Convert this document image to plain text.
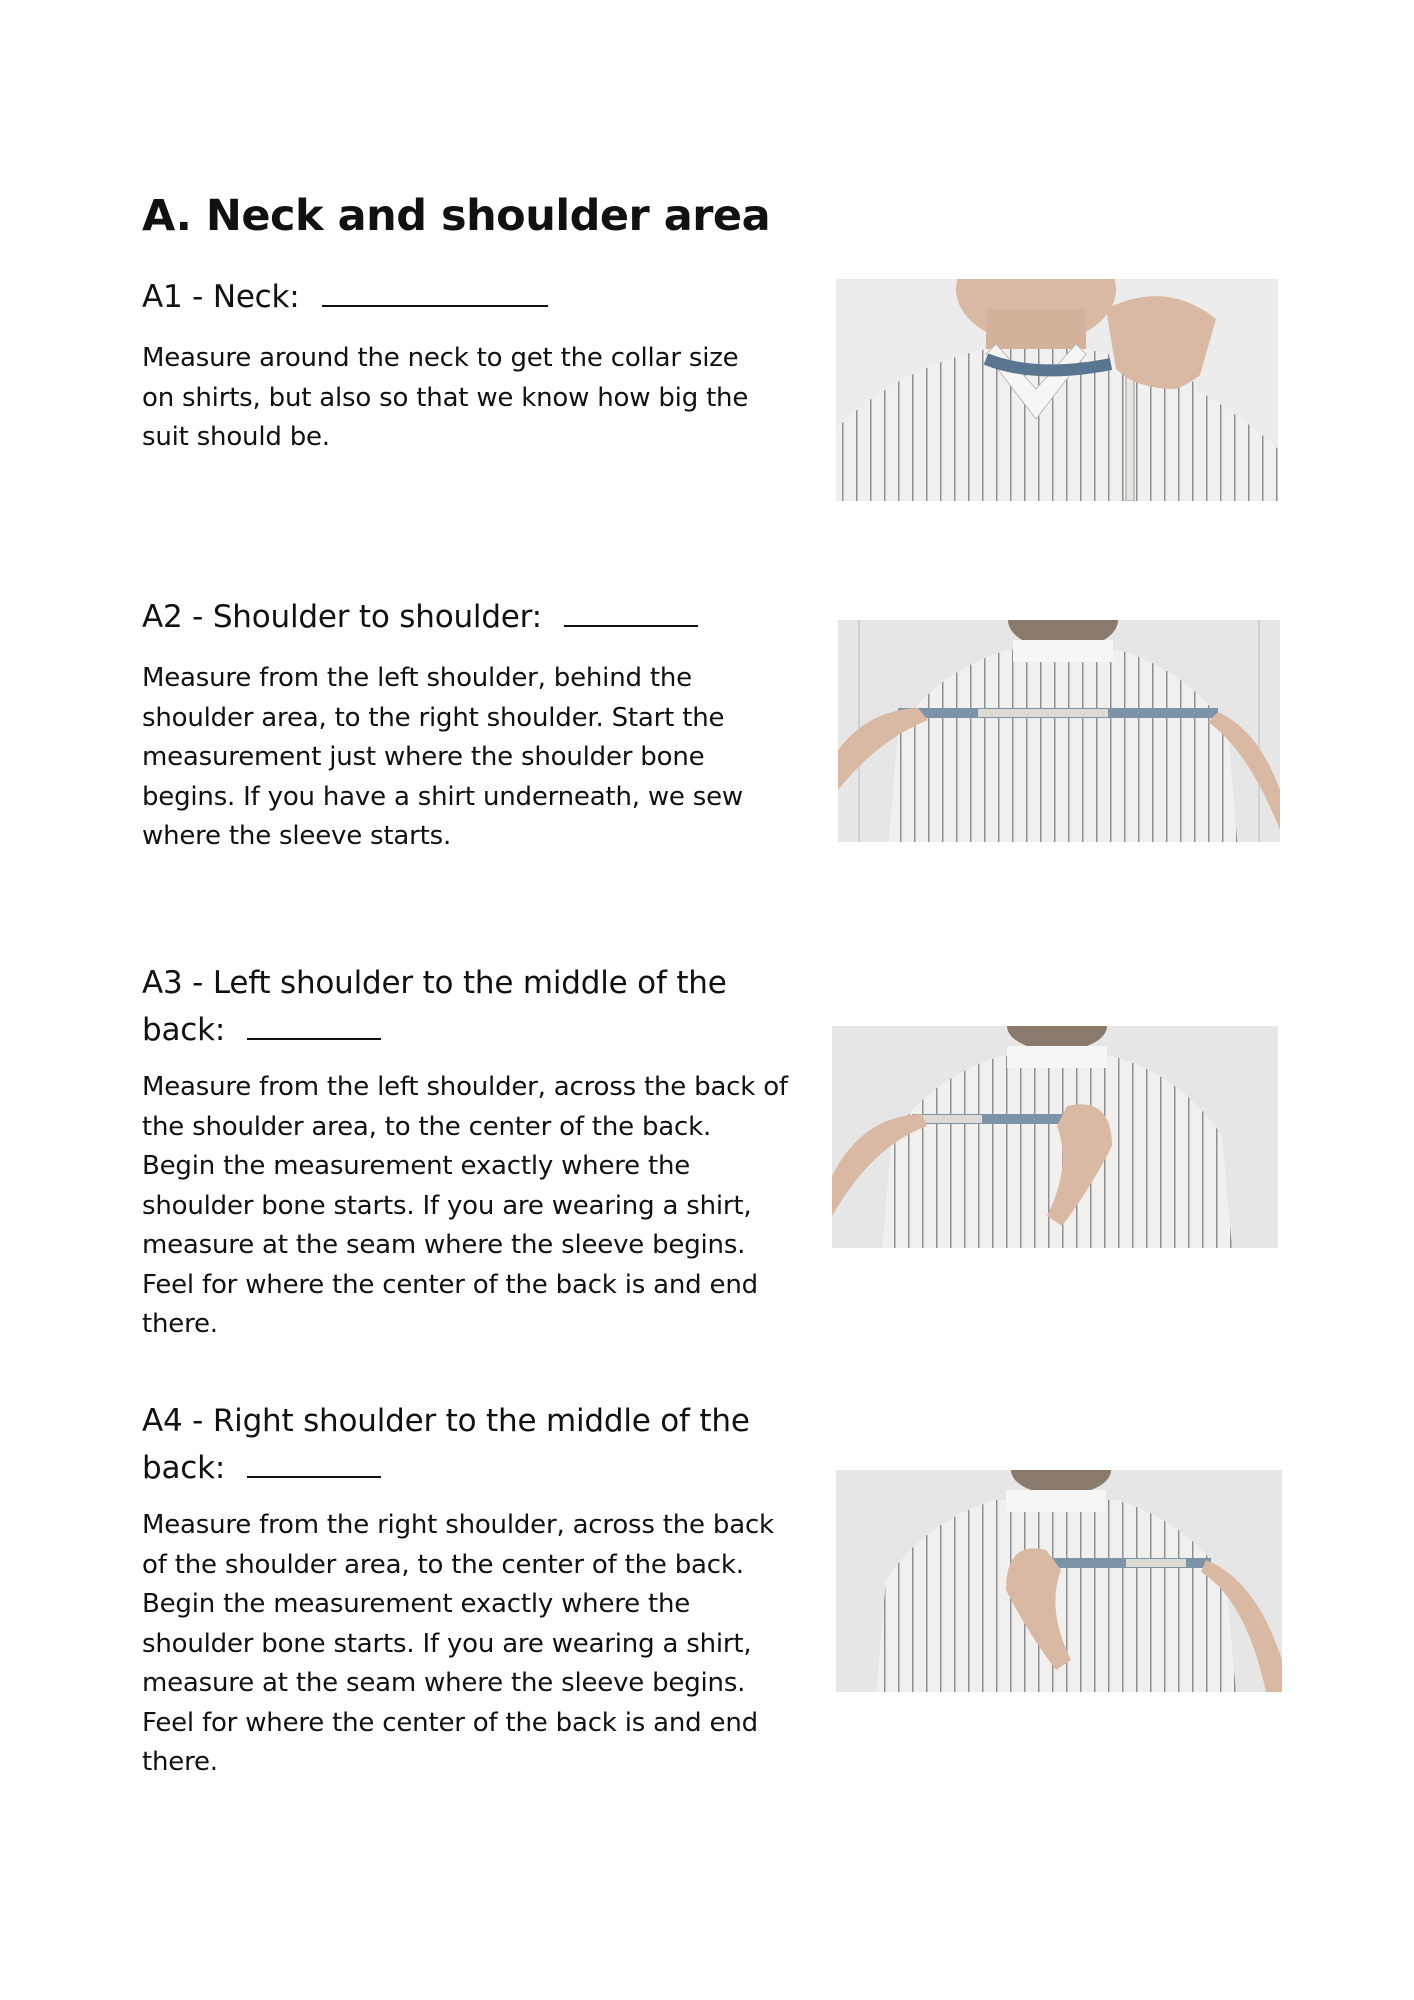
A. Neck and shoulder area
A1 - Neck:

Measure around the neck to get the collar size on shirts, but also so that we know how big the suit should be.

A2 - Shoulder to shoulder:

Measure from the left shoulder, behind the shoulder area, to the right shoulder. Start the measurement just where the shoulder bone begins. If you have a shirt underneath, we sew where the sleeve starts.

A3 - Left shoulder to the middle of the
back:

Measure from the left shoulder, across the back of the shoulder area, to the center of the back. Begin the measurement exactly where the shoulder bone starts. If you are wearing a shirt, measure at the seam where the sleeve begins. Feel for where the center of the back is and end there.

A4 - Right shoulder to the middle of the
back:

Measure from the right shoulder, across the back of the shoulder area, to the center of the back. Begin the measurement exactly where the shoulder bone starts. If you are wearing a shirt, measure at the seam where the sleeve begins. Feel for where the center of the back is and end there.
